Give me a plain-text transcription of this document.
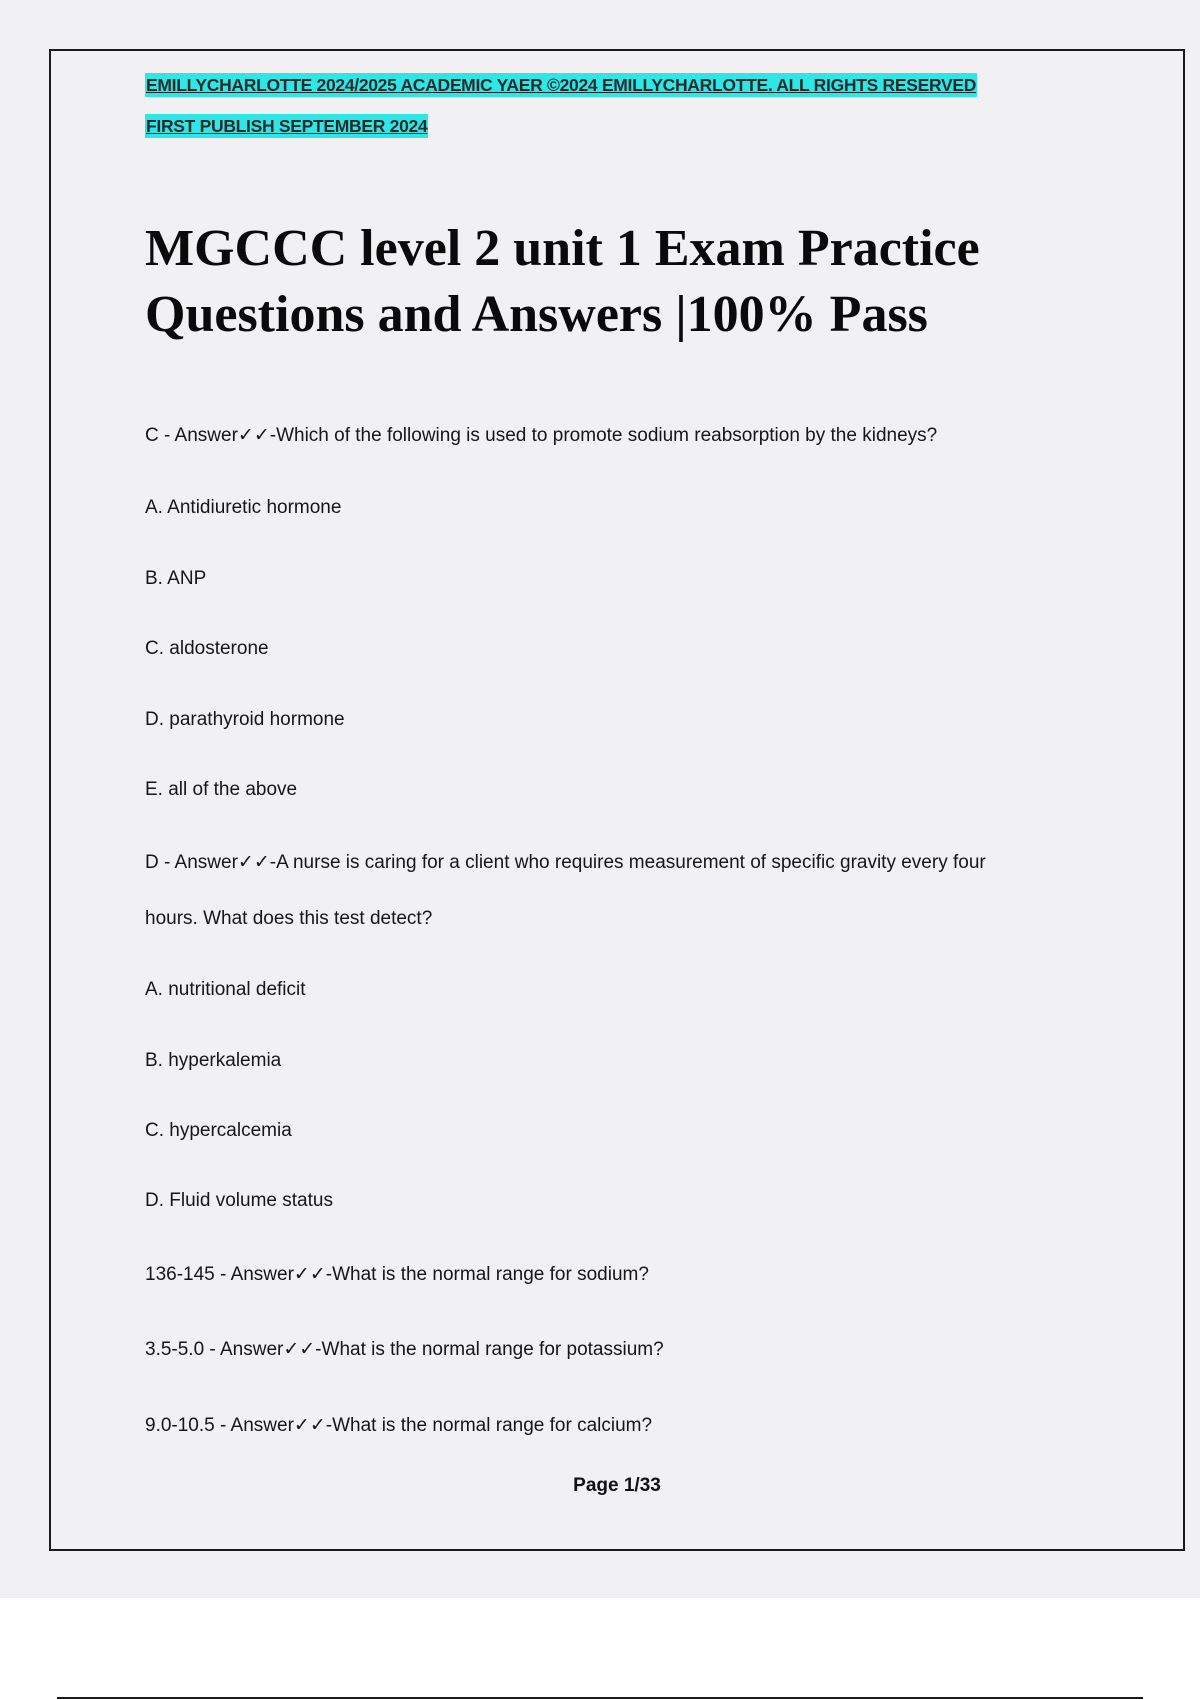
EMILLYCHARLOTTE 2024/2025 ACADEMIC YAER ©2024 EMILLYCHARLOTTE. ALL RIGHTS RESERVED
FIRST PUBLISH SEPTEMBER 2024
MGCCC level 2 unit 1 Exam Practice
Questions and Answers |100% Pass
C - Answer✓✓-Which of the following is used to promote sodium reabsorption by the kidneys?
A. Antidiuretic hormone
B. ANP
C. aldosterone
D. parathyroid hormone
E. all of the above
D - Answer✓✓-A nurse is caring for a client who requires measurement of specific gravity every four
hours. What does this test detect?
A. nutritional deficit
B. hyperkalemia
C. hypercalcemia
D. Fluid volume status
136-145 - Answer✓✓-What is the normal range for sodium?
3.5-5.0 - Answer✓✓-What is the normal range for potassium?
9.0-10.5 - Answer✓✓-What is the normal range for calcium?
Page 1/33
